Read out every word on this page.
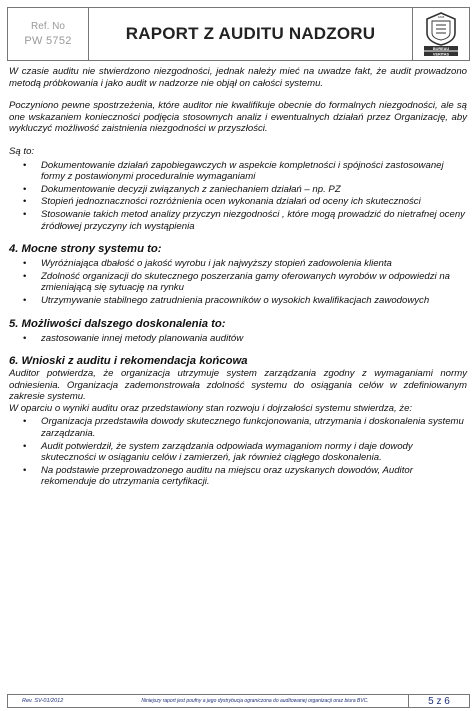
Ref. No
PW 5752	RAPORT Z AUDITU NADZORU
BUREAU
VERITAS
1828

W czasie auditu nie stwierdzono niezgodności, jednak należy mieć na uwadze fakt, że audit prowadzono metodą próbkowania i jako audit w nadzorze nie objął on całości systemu.

Poczyniono pewne spostrzeżenia, które auditor nie kwalifikuje obecnie do formalnych niezgodności, ale są one wskazaniem konieczności podjęcia stosownych analiz i ewentualnych działań przez Organizację, aby wykluczyć możliwość zaistnienia niezgodności w przyszłości.

Są to:

• Dokumentowanie działań zapobiegawczych w aspekcie kompletności i spójności zastosowanej formy z postawionymi proceduralnie wymaganiami
• Dokumentowanie decyzji związanych z zaniechaniem działań – np. PZ
• Stopień jednoznaczności rozróżnienia ocen wykonania działań od oceny ich skuteczności
• Stosowanie takich metod analizy przyczyn niezgodności , które mogą prowadzić do nietrafnej oceny źródłowej przyczyny ich wystąpienia

4. Mocne strony systemu to:

• Wyróżniająca dbałość o jakość wyrobu i jak najwyższy stopień zadowolenia klienta
• Zdolność organizacji do skutecznego poszerzania gamy oferowanych wyrobów w odpowiedzi na zmieniającą się sytuację na rynku
• Utrzymywanie stabilnego zatrudnienia pracowników o wysokich kwalifikacjach zawodowych

5. Możliwości dalszego doskonalenia to:

• zastosowanie innej metody planowania auditów

6. Wnioski z auditu i rekomendacja końcowa

Auditor potwierdza, że organizacja utrzymuje system zarządzania zgodny z wymaganiami normy odniesienia. Organizacja zademonstrowała zdolność systemu do osiągania celów w zdefiniowanym zakresie systemu.

W oparciu o wyniki auditu oraz przedstawiony stan rozwoju i dojrzałości systemu stwierdza, że:

• Organizacja przedstawiła dowody skutecznego funkcjonowania, utrzymania i doskonalenia systemu zarządzania.
• Audit potwierdził, że system zarządzania odpowiada wymaganiom normy i daje dowody skuteczności w osiąganiu celów i zamierzeń, jak również ciągłego doskonalenia.
• Na podstawie przeprowadzonego auditu na miejscu oraz uzyskanych dowodów, Auditor rekomenduje do utrzymania certyfikacji.
Rev. SV-01/2012	Niniejszy raport jest poufny a jego dystrybucja ograniczona do auditowanej organizacji oraz biura BVC.	5 z 6
